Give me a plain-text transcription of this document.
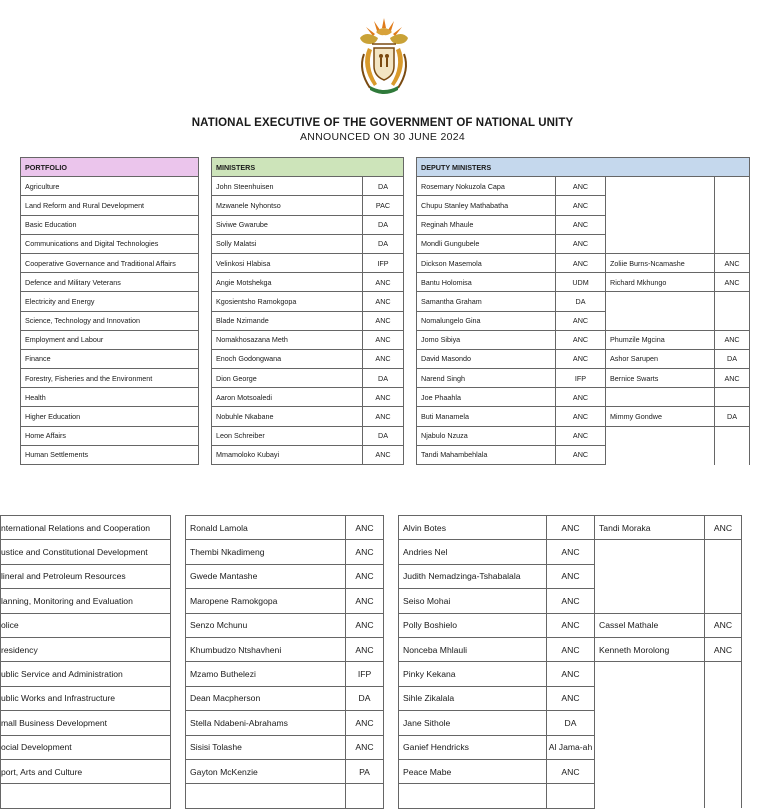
NATIONAL EXECUTIVE OF THE GOVERNMENT OF NATIONAL UNITY
ANNOUNCED ON 30 JUNE 2024
PORTFOLIO		MINISTERS			DEPUTY MINISTERS			
Agriculture		John Steenhuisen	DA		Rosemary Nokuzola Capa	ANC		
Land Reform and Rural Development		Mzwanele Nyhontso	PAC		Chupu Stanley Mathabatha	ANC		
Basic Education		Siviwe Gwarube	DA		Reginah Mhaule	ANC		
Communications and Digital Technologies		Solly Malatsi	DA		Mondli Gungubele	ANC		
Cooperative Governance and Traditional Affairs		Velinkosi Hlabisa	IFP		Dickson Masemola	ANC	Zoliie Burns-Ncamashe	ANC
Defence and Military Veterans		Angie Motshekga	ANC		Bantu Holomisa	UDM	Richard Mkhungo	ANC
Electricity and Energy		Kgosientsho Ramokgopa	ANC		Samantha Graham	DA		
Science, Technology and Innovation		Blade Nzimande	ANC		Nomalungelo Gina	ANC		
Employment and Labour		Nomakhosazana Meth	ANC		Jomo Sibiya	ANC	Phumzile Mgcina	ANC
Finance		Enoch Godongwana	ANC		David Masondo	ANC	Ashor Sarupen	DA
Forestry, Fisheries and the Environment		Dion George	DA		Narend Singh	IFP	Bernice Swarts	ANC
Health		Aaron Motsoaledi	ANC		Joe Phaahla	ANC		
Higher Education		Nobuhle Nkabane	ANC		Buti Manamela	ANC	Mimmy Gondwe	DA
Home Affairs		Leon Schreiber	DA		Njabulo Nzuza	ANC		
Human Settlements		Mmamoloko Kubayi	ANC		Tandi Mahambehlala	ANC		
nternational Relations and Cooperation		Ronald Lamola	ANC		Alvin Botes	ANC	Tandi Moraka	ANC
ustice and Constitutional Development		Thembi Nkadimeng	ANC		Andries Nel	ANC		
lineral and Petroleum Resources		Gwede Mantashe	ANC		Judith Nemadzinga-Tshabalala	ANC		
lanning, Monitoring and Evaluation		Maropene Ramokgopa	ANC		Seiso Mohai	ANC		
olice		Senzo Mchunu	ANC		Polly Boshielo	ANC	Cassel Mathale	ANC
residency		Khumbudzo Ntshavheni	ANC		Nonceba Mhlauli	ANC	Kenneth Morolong	ANC
ublic Service and Administration		Mzamo Buthelezi	IFP		Pinky Kekana	ANC		
ublic Works and Infrastructure		Dean Macpherson	DA		Sihle Zikalala	ANC		
mall Business Development		Stella Ndabeni-Abrahams	ANC		Jane Sithole	DA		
ocial Development		Sisisi Tolashe	ANC		Ganief Hendricks	Al Jama-ah		
port, Arts and Culture		Gayton McKenzie	PA		Peace Mabe	ANC		
